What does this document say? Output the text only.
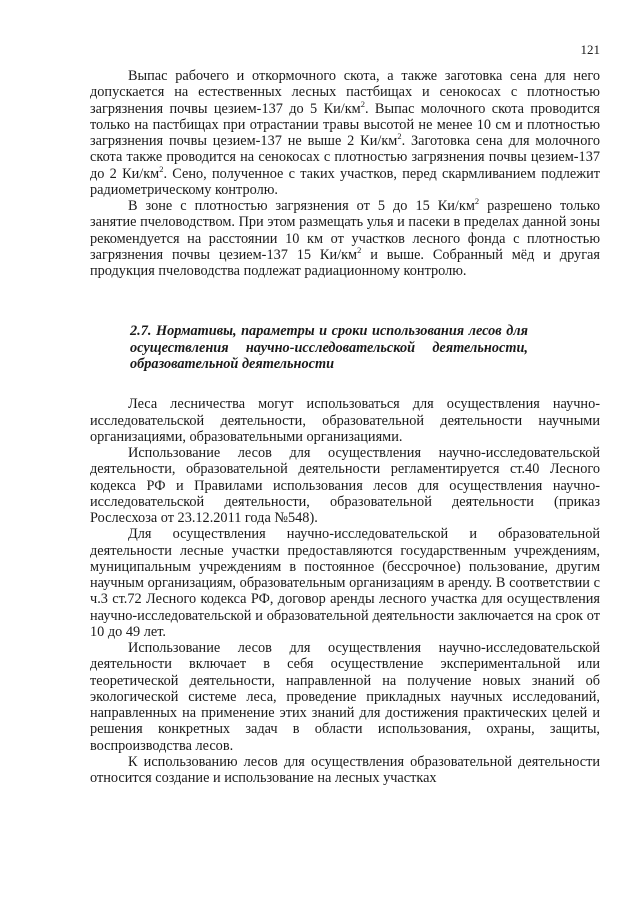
121

Выпас рабочего и откормочного скота, а также заготовка сена для него допускается на естественных лесных пастбищах и сенокосах с плотностью загрязнения почвы цезием-137 до 5 $Ки/км^2$. Выпас молочного скота проводится только на пастбищах при отрастании травы высотой не менее 10 см и плотностью загрязнения почвы цезием-137 не выше 2 $Ки/км^2$. Заготовка сена для молочного скота также проводится на сенокосах с плотностью загрязнения почвы цезием-137 до 2 $Ки/км^2$. Сено, полученное с таких участков, перед скармливанием подлежит радиометрическому контролю.

В зоне с плотностью загрязнения от 5 до 15 $Ки/км^2$ разрешено только занятие пчеловодством. При этом размещать улья и пасеки в пределах данной зоны рекомендуется на расстоянии 10 км от участков лесного фонда с плотностью загрязнения почвы цезием-137 15 $Ки/км^2$ и выше. Собранный мёд и другая продукция пчеловодства подлежат радиационному контролю.

2.7. Нормативы, параметры и сроки использования лесов для осуществления научно-исследовательской деятельности, образовательной деятельности

Леса лесничества могут использоваться для осуществления научно-исследовательской деятельности, образовательной деятельности научными организациями, образовательными организациями.

Использование лесов для осуществления научно-исследовательской деятельности, образовательной деятельности регламентируется ст.40 Лесного кодекса РФ и Правилами использования лесов для осуществления научно-исследовательской деятельности, образовательной деятельности (приказ Рослесхоза от 23.12.2011 года №548).

Для осуществления научно-исследовательской и образовательной деятельности лесные участки предоставляются государственным учреждениям, муниципальным учреждениям в постоянное (бессрочное) пользование, другим научным организациям, образовательным организациям в аренду. В соответствии с ч.3 ст.72 Лесного кодекса РФ, договор аренды лесного участка для осуществления научно-исследовательской и образовательной деятельности заключается на срок от 10 до 49 лет.

Использование лесов для осуществления научно-исследовательской деятельности включает в себя осуществление экспериментальной или теоретической деятельности, направленной на получение новых знаний об экологической системе леса, проведение прикладных научных исследований, направленных на применение этих знаний для достижения практических целей и решения конкретных задач в области использования, охраны, защиты, воспроизводства лесов.

К использованию лесов для осуществления образовательной деятельности относится создание и использование на лесных участках
